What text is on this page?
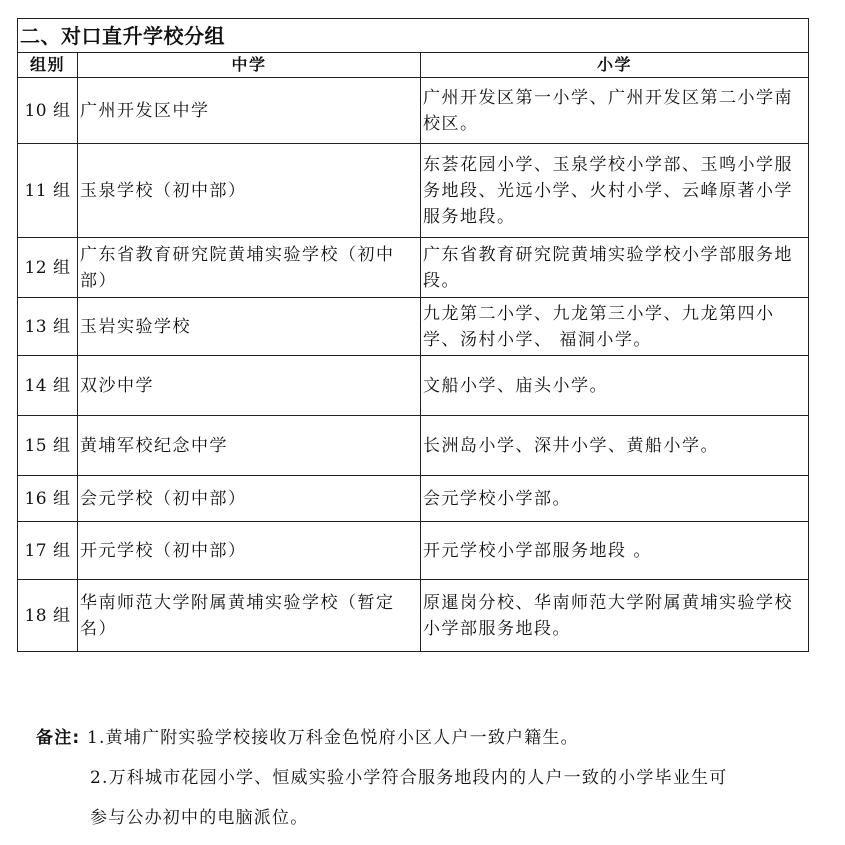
二、对口直升学校分组		
组别	中学	小学
10 组	广州开发区中学	广州开发区第一小学、广州开发区第二小学南校区。
11 组	玉泉学校（初中部）	东荟花园小学、玉泉学校小学部、玉鸣小学服务地段、光远小学、火村小学、云峰原著小学服务地段。
12 组	广东省教育研究院黄埔实验学校（初中部）	广东省教育研究院黄埔实验学校小学部服务地段。
13 组	玉岩实验学校	九龙第二小学、九龙第三小学、九龙第四小学、汤村小学、 福洞小学。
14 组	双沙中学	文船小学、庙头小学。
15 组	黄埔军校纪念中学	长洲岛小学、深井小学、黄船小学。
16 组	会元学校（初中部）	会元学校小学部。
17 组	开元学校（初中部）	开元学校小学部服务地段 。
18 组	华南师范大学附属黄埔实验学校（暂定名）	原暹岗分校、华南师范大学附属黄埔实验学校小学部服务地段。
备注: 1.黄埔广附实验学校接收万科金色悦府小区人户一致户籍生。
2.万科城市花园小学、恒威实验小学符合服务地段内的人户一致的小学毕业生可
参与公办初中的电脑派位。
